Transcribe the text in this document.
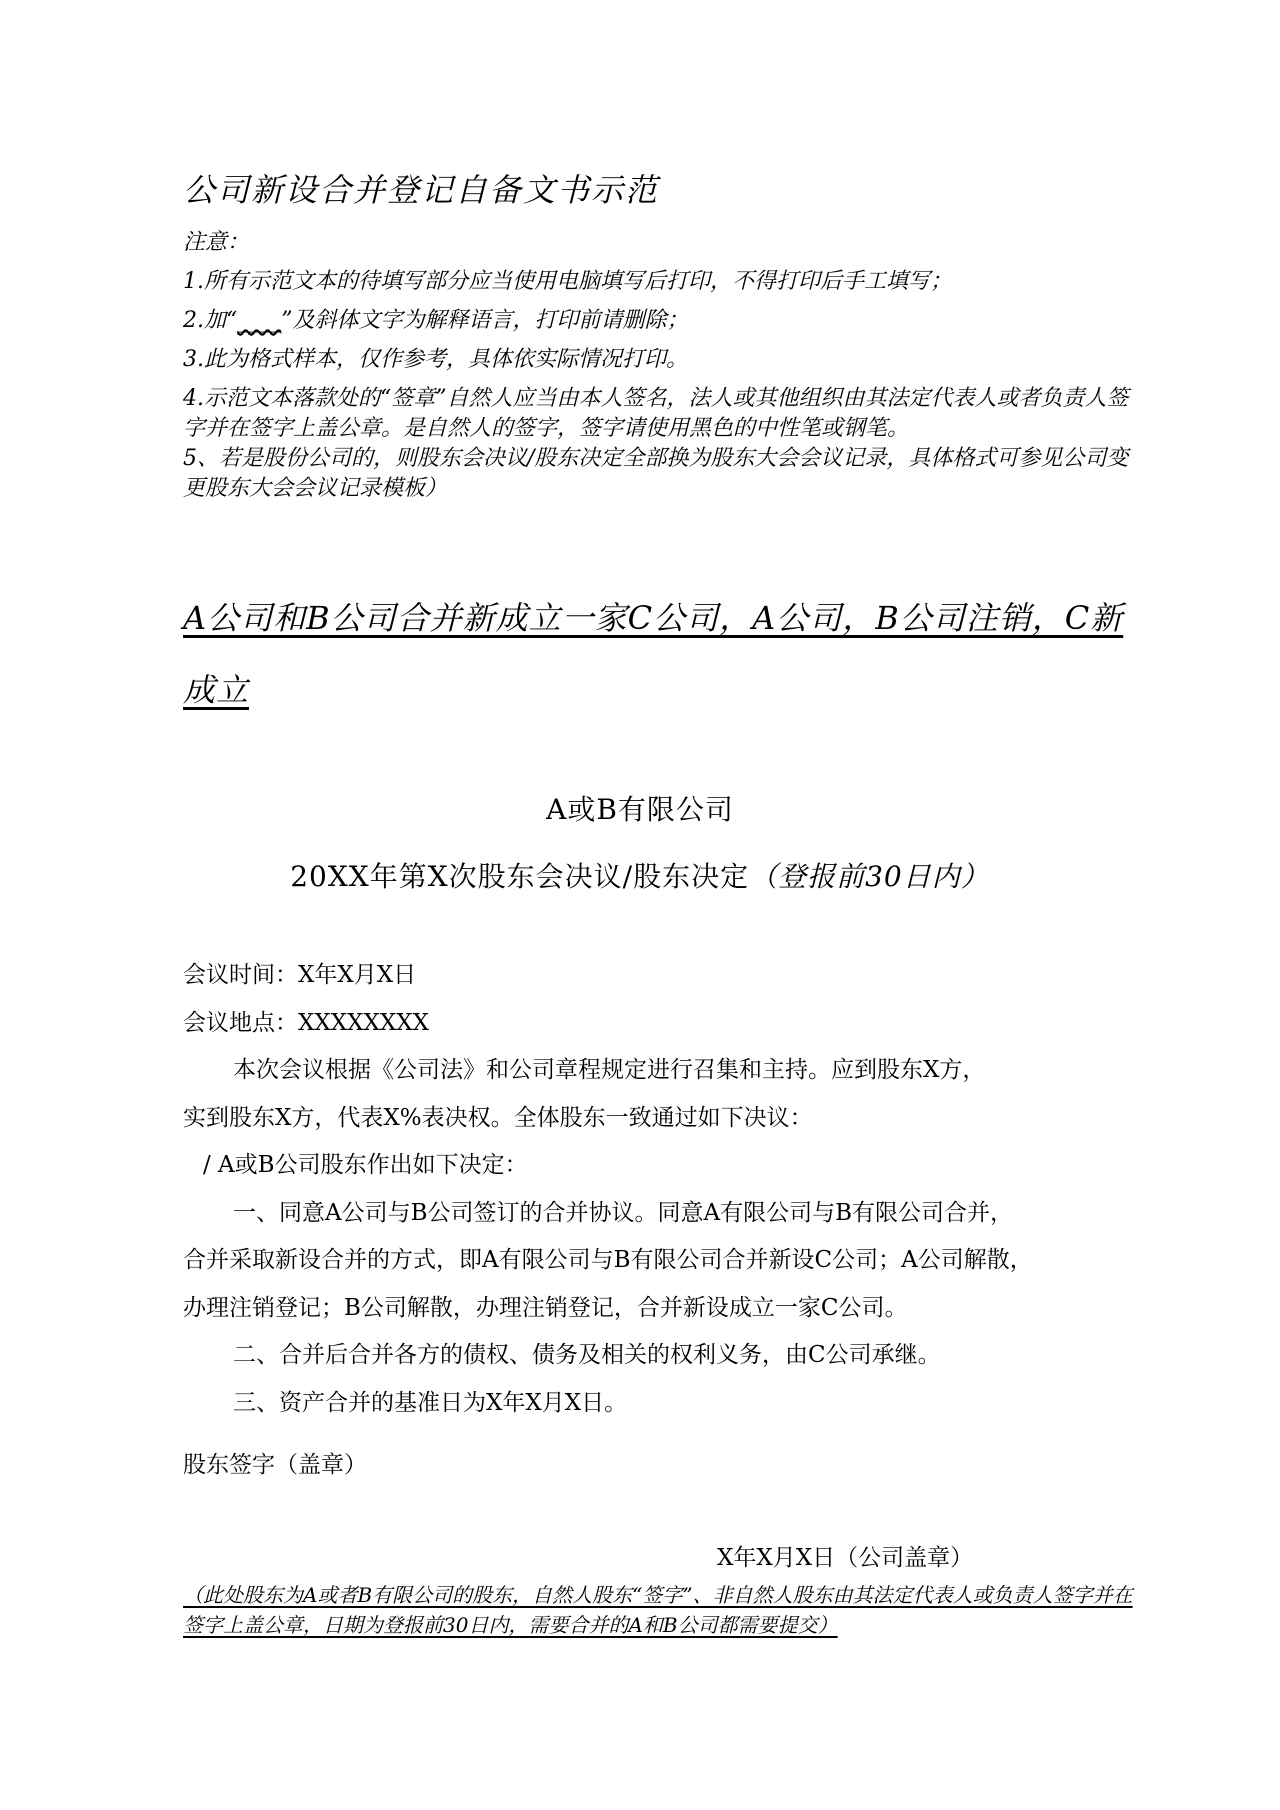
公司新设合并登记自备文书示范
注意：
1.所有示范文本的待填写部分应当使用电脑填写后打印，不得打印后手工填写；
2.加“____”及斜体文字为解释语言，打印前请删除；
3.此为格式样本，仅作参考，具体依实际情况打印。
4.示范文本落款处的“签章”自然人应当由本人签名，法人或其他组织由其法定代表人或者负责人签字并在签字上盖公章。是自然人的签字，签字请使用黑色的中性笔或钢笔。
5、若是股份公司的，则股东会决议/股东决定全部换为股东大会会议记录，具体格式可参见公司变更股东大会会议记录模板）
A公司和B公司合并新成立一家C公司，A公司，B公司注销，C新成立
A或B有限公司
20XX年第X次股东会决议/股东决定（登报前30日内）
会议时间：X年X月X日
会议地点：XXXXXXXX
本次会议根据《公司法》和公司章程规定进行召集和主持。应到股东X方，
实到股东X方，代表X%表决权。全体股东一致通过如下决议：
/ A或B公司股东作出如下决定：
一、同意A公司与B公司签订的合并协议。同意A有限公司与B有限公司合并，
合并采取新设合并的方式，即A有限公司与B有限公司合并新设C公司；A公司解散，
办理注销登记；B公司解散，办理注销登记，合并新设成立一家C公司。
二、合并后合并各方的债权、债务及相关的权利义务，由C公司承继。
三、资产合并的基准日为X年X月X日。
股东签字（盖章）
X年X月X日（公司盖章）
（此处股东为A或者B有限公司的股东，自然人股东“签字”、非自然人股东由其法定代表人或负责人签字并在签字上盖公章，日期为登报前30日内，需要合并的A和B公司都需要提交）
